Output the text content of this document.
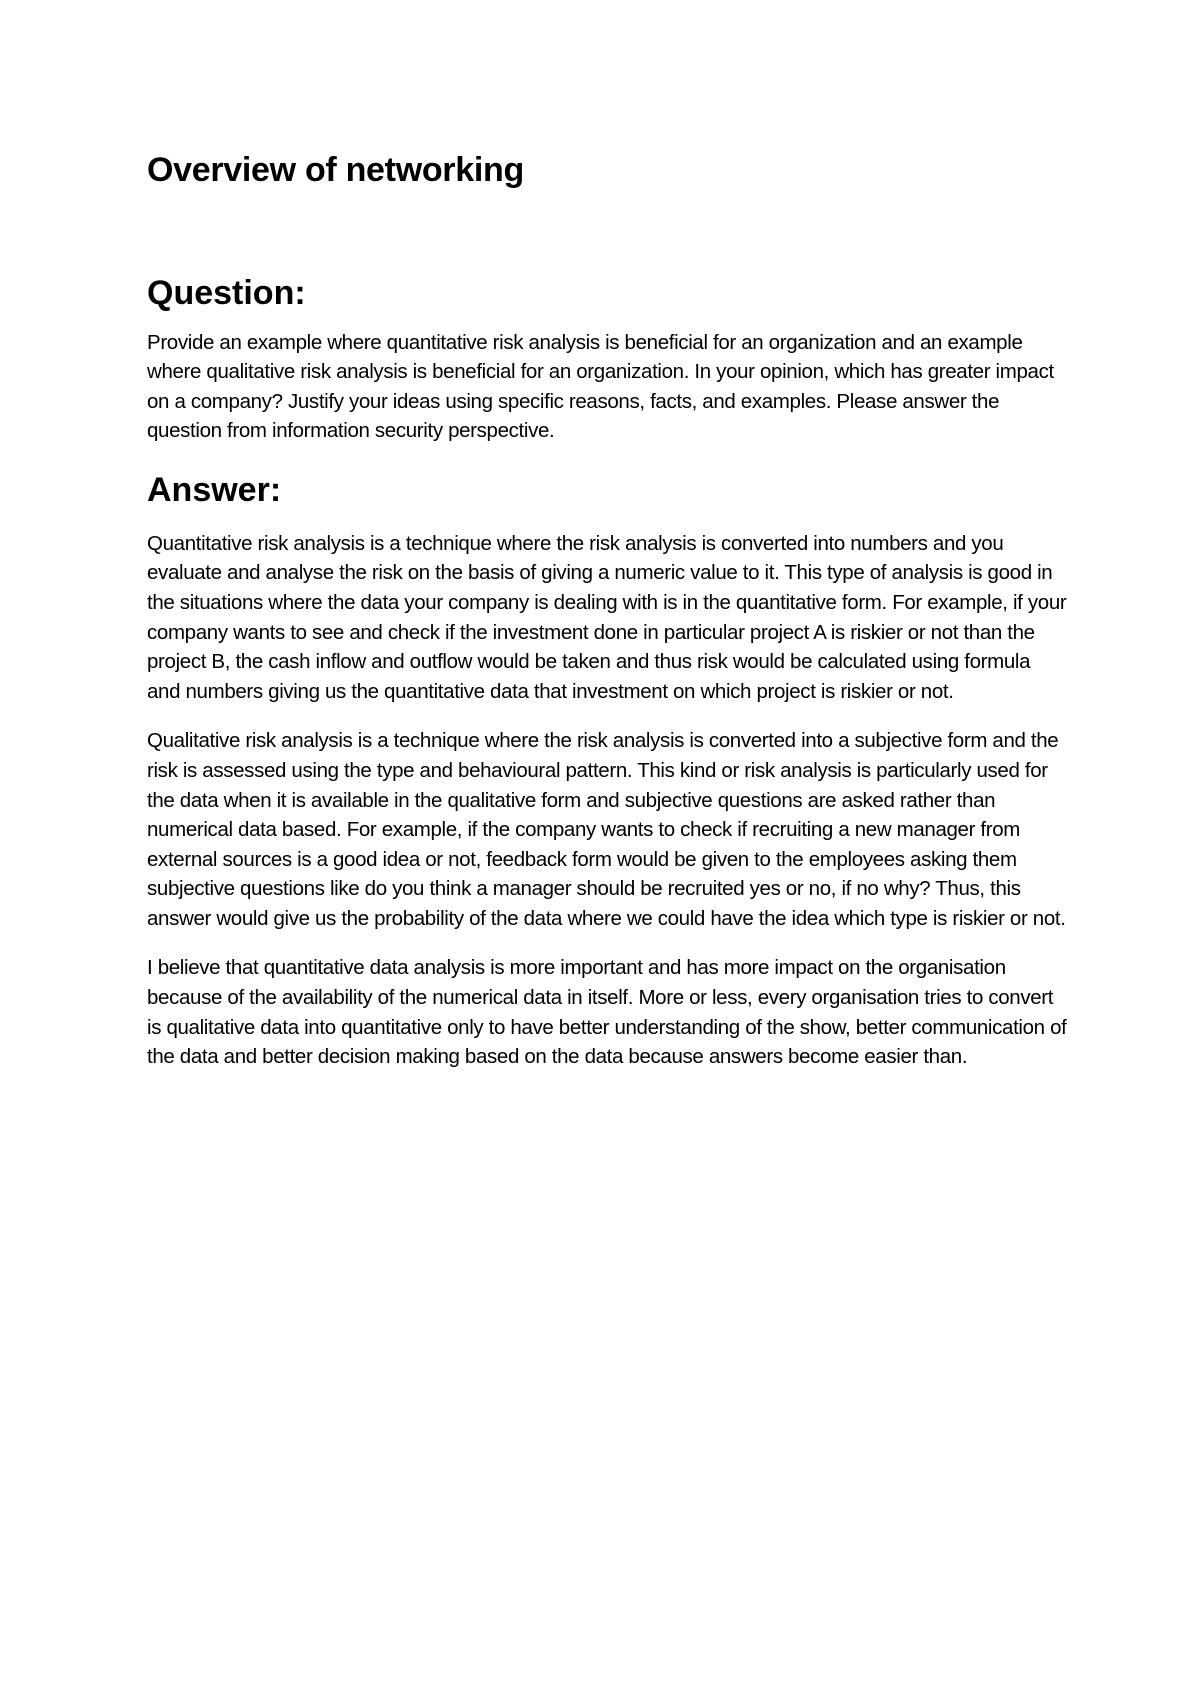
Overview of networking
Question:

Provide an example where quantitative risk analysis is beneficial for an organization and an example where qualitative risk analysis is beneficial for an organization. In your opinion, which has greater impact on a company? Justify your ideas using specific reasons, facts, and examples. Please answer the question from information security perspective.

Answer:

Quantitative risk analysis is a technique where the risk analysis is converted into numbers and you evaluate and analyse the risk on the basis of giving a numeric value to it. This type of analysis is good in the situations where the data your company is dealing with is in the quantitative form. For example, if your company wants to see and check if the investment done in particular project A is riskier or not than the project B, the cash inflow and outflow would be taken and thus risk would be calculated using formula and numbers giving us the quantitative data that investment on which project is riskier or not.

Qualitative risk analysis is a technique where the risk analysis is converted into a subjective form and the risk is assessed using the type and behavioural pattern. This kind or risk analysis is particularly used for the data when it is available in the qualitative form and subjective questions are asked rather than numerical data based. For example, if the company wants to check if recruiting a new manager from external sources is a good idea or not, feedback form would be given to the employees asking them subjective questions like do you think a manager should be recruited yes or no, if no why? Thus, this answer would give us the probability of the data where we could have the idea which type is riskier or not.

I believe that quantitative data analysis is more important and has more impact on the organisation because of the availability of the numerical data in itself. More or less, every organisation tries to convert is qualitative data into quantitative only to have better understanding of the show, better communication of the data and better decision making based on the data because answers become easier than.
